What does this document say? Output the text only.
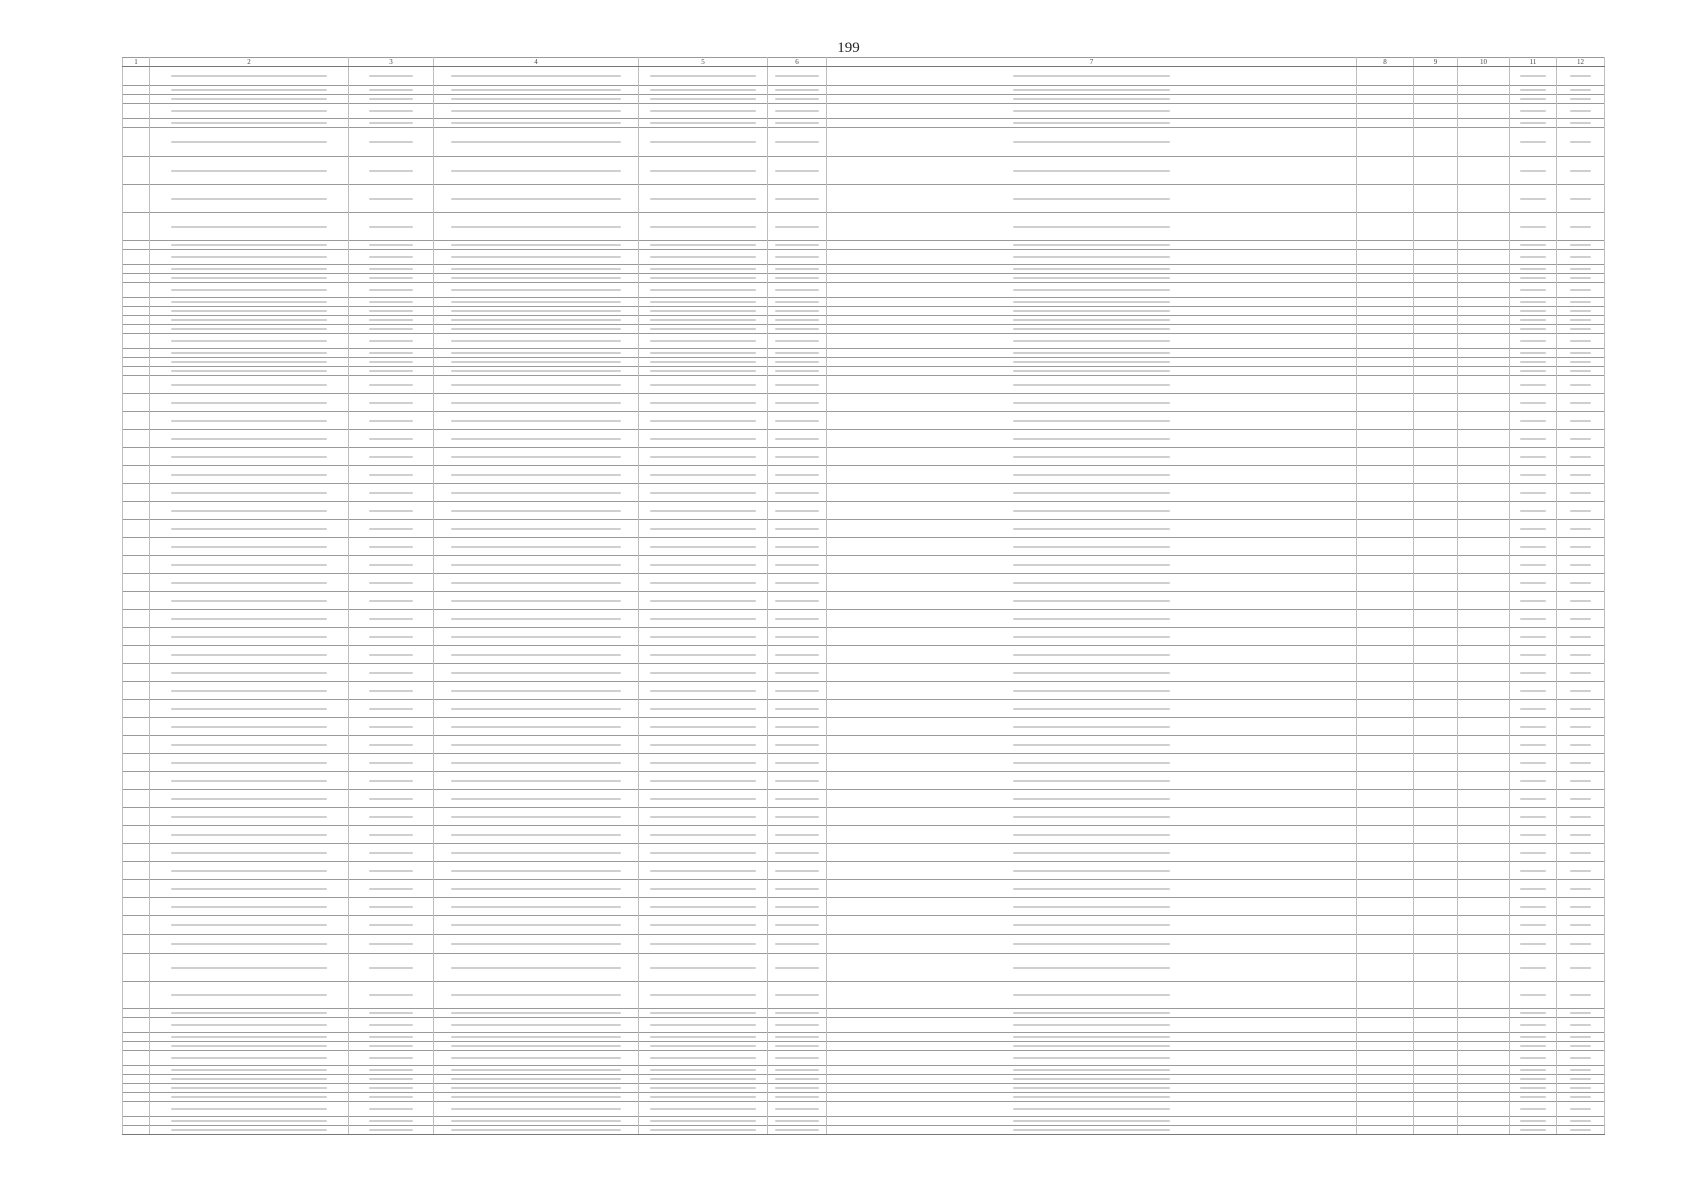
199
1	2	3	4	5	6	7	8	9	10	11	12
